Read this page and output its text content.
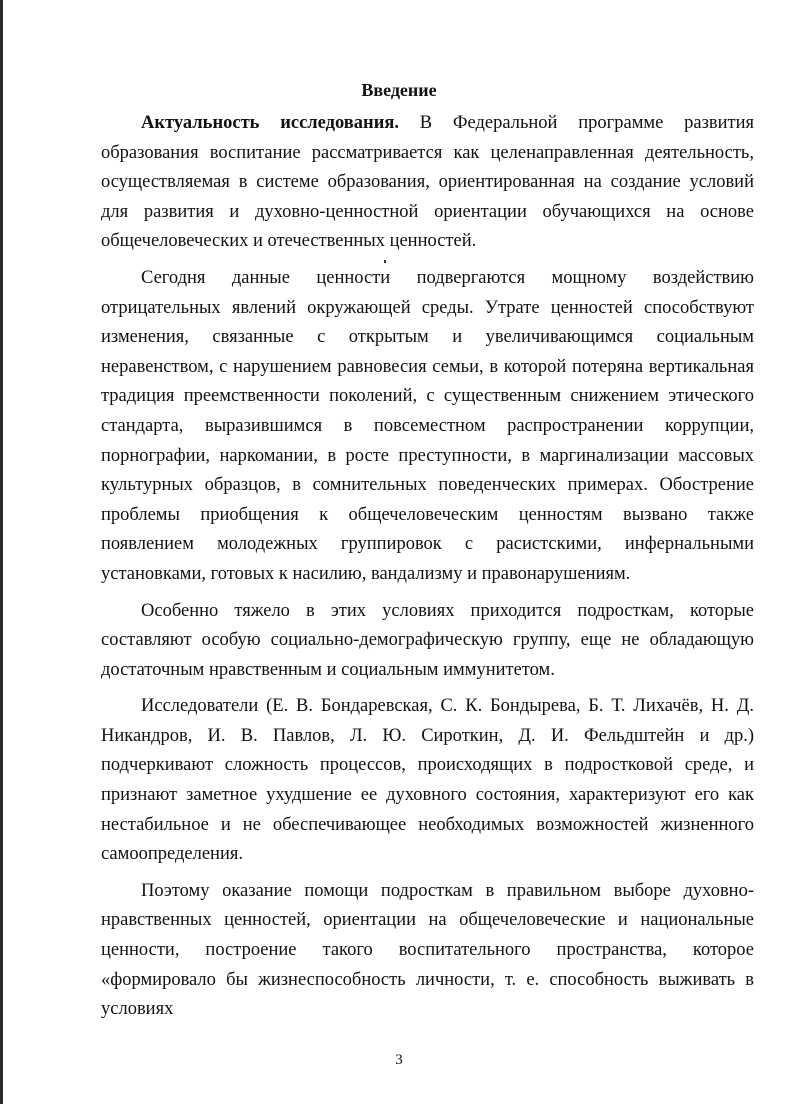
Введение

Актуальность исследования. В Федеральной программе развития образования воспитание рассматривается как целенаправленная деятельность, осуществляемая в системе образования, ориентированная на создание условий для развития и духовно-ценностной ориентации обучающихся на основе общечеловеческих и отечественных ценностей.

Сегодня данные ценности подвергаются мощному воздействию отрицательных явлений окружающей среды. Утрате ценностей способствуют изменения, связанные с открытым и увеличивающимся социальным неравенством, с нарушением равновесия семьи, в которой потеряна вертикальная традиция преемственности поколений, с существенным снижением этического стандарта, выразившимся в повсеместном распространении коррупции, порнографии, наркомании, в росте преступности, в маргинализации массовых культурных образцов, в сомнительных поведенческих примерах. Обострение проблемы приобщения к общечеловеческим ценностям вызвано также появлением молодежных группировок с расистскими, инфернальными установками, готовых к насилию, вандализму и правонарушениям.

Особенно тяжело в этих условиях приходится подросткам, которые составляют особую социально-демографическую группу, еще не обладающую достаточным нравственным и социальным иммунитетом.

Исследователи (Е. В. Бондаревская, С. К. Бондырева, Б. Т. Лихачёв, Н. Д. Никандров, И. В. Павлов, Л. Ю. Сироткин, Д. И. Фельдштейн и др.) подчеркивают сложность процессов, происходящих в подростковой среде, и признают заметное ухудшение ее духовного состояния, характеризуют его как нестабильное и не обеспечивающее необходимых возможностей жизненного самоопределения.

Поэтому оказание помощи подросткам в правильном выборе духовно-нравственных ценностей, ориентации на общечеловеческие и национальные ценности, построение такого воспитательного пространства, которое «формировало бы жизнеспособность личности, т. е. способность выживать в условиях

3
